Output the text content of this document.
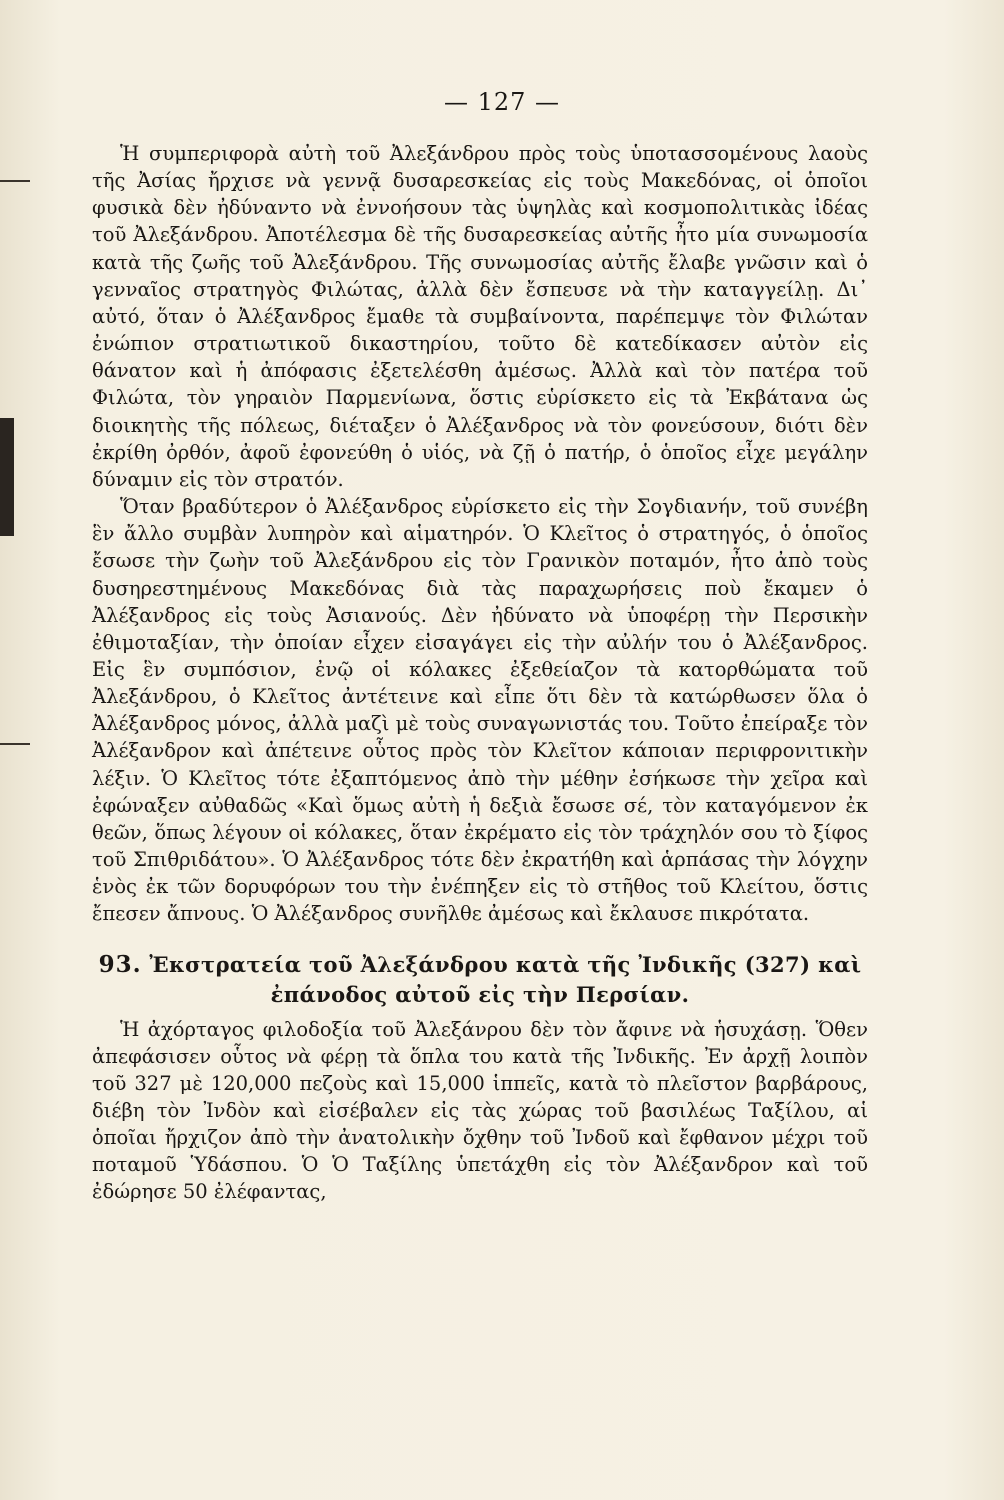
— 127 —

Ἡ συμπεριφορὰ αὐτὴ τοῦ Ἀλεξάνδρου πρὸς τοὺς ὑποτασσομένους λαοὺς τῆς Ἀσίας ἤρχισε νὰ γεννᾷ δυσαρεσκείας εἰς τοὺς Μακεδόνας, οἱ ὁποῖοι φυσικὰ δὲν ἠδύναντο νὰ ἐννοήσουν τὰς ὑψηλὰς καὶ κοσμοπολιτικὰς ἰδέας τοῦ Ἀλεξάνδρου. Ἀποτέλεσμα δὲ τῆς δυσαρεσκείας αὐτῆς ἦτο μία συνωμοσία κατὰ τῆς ζωῆς τοῦ Ἀλεξάνδρου. Τῆς συνωμοσίας αὐτῆς ἔλαβε γνῶσιν καὶ ὁ γενναῖος στρατηγὸς Φιλώτας, ἀλλὰ δὲν ἔσπευσε νὰ τὴν καταγγείλῃ. Δι᾽ αὐτό, ὅταν ὁ Ἀλέξανδρος ἔμαθε τὰ συμβαίνοντα, παρέπεμψε τὸν Φιλώταν ἐνώπιον στρατιωτικοῦ δικαστηρίου, τοῦτο δὲ κατεδίκασεν αὐτὸν εἰς θάνατον καὶ ἡ ἀπόφασις ἐξετελέσθη ἀμέσως. Ἀλλὰ καὶ τὸν πατέρα τοῦ Φιλώτα, τὸν γηραιὸν Παρμενίωνα, ὅστις εὑρίσκετο εἰς τὰ Ἐκβάτανα ὡς διοικητὴς τῆς πόλεως, διέταξεν ὁ Ἀλέξανδρος νὰ τὸν φονεύσουν, διότι δὲν ἐκρίθη ὀρθόν, ἀφοῦ ἐφονεύθη ὁ υἱός, νὰ ζῇ ὁ πατήρ, ὁ ὁποῖος εἶχε μεγάλην δύναμιν εἰς τὸν στρατόν.

Ὅταν βραδύτερον ὁ Ἀλέξανδρος εὑρίσκετο εἰς τὴν Σογδιανήν, τοῦ συνέβη ἓν ἄλλο συμβὰν λυπηρὸν καὶ αἱματηρόν. Ὁ Κλεῖτος ὁ στρατηγός, ὁ ὁποῖος ἔσωσε τὴν ζωὴν τοῦ Ἀλεξάνδρου εἰς τὸν Γρανικὸν ποταμόν, ἦτο ἀπὸ τοὺς δυσηρεστημένους Μακεδόνας διὰ τὰς παραχωρήσεις ποὺ ἔκαμεν ὁ Ἀλέξανδρος εἰς τοὺς Ἀσιανούς. Δὲν ἠδύνατο νὰ ὑποφέρῃ τὴν Περσικὴν ἐθιμοταξίαν, τὴν ὁποίαν εἶχεν εἰσαγάγει εἰς τὴν αὐλήν του ὁ Ἀλέξανδρος. Εἰς ἓν συμπόσιον, ἐνῷ οἱ κόλακες ἐξεθείαζον τὰ κατορθώματα τοῦ Ἀλεξάνδρου, ὁ Κλεῖτος ἀντέτεινε καὶ εἶπε ὅτι δὲν τὰ κατώρθωσεν ὅλα ὁ Ἀλέξανδρος μόνος, ἀλλὰ μαζὶ μὲ τοὺς συναγωνιστάς του. Τοῦτο ἐπείραξε τὸν Ἀλέξανδρον καὶ ἀπέτεινε οὗτος πρὸς τὸν Κλεῖτον κάποιαν περιφρονιτικὴν λέξιν. Ὁ Κλεῖτος τότε ἐξαπτόμενος ἀπὸ τὴν μέθην ἐσήκωσε τὴν χεῖρα καὶ ἐφώναξεν αὐθαδῶς «Καὶ ὅμως αὐτὴ ἡ δεξιὰ ἔσωσε σέ, τὸν καταγόμενον ἐκ θεῶν, ὅπως λέγουν οἱ κόλακες, ὅταν ἐκρέματο εἰς τὸν τράχηλόν σου τὸ ξίφος τοῦ Σπιθριδάτου». Ὁ Ἀλέξανδρος τότε δὲν ἐκρατήθη καὶ ἁρπάσας τὴν λόγχην ἑνὸς ἐκ τῶν δορυφόρων του τὴν ἐνέπηξεν εἰς τὸ στῆθος τοῦ Κλείτου, ὅστις ἔπεσεν ἄπνους. Ὁ Ἀλέξανδρος συνῆλθε ἀμέσως καὶ ἔκλαυσε πικρότατα.

93. Ἐκστρατεία τοῦ Ἀλεξάνδρου κατὰ τῆς Ἰνδικῆς (327) καὶ ἐπάνοδος αὐτοῦ εἰς τὴν Περσίαν.

Ἡ ἀχόρταγος φιλοδοξία τοῦ Ἀλεξάνρου δὲν τὸν ἄφινε νὰ ἡσυχάσῃ. Ὅθεν ἀπεφάσισεν οὗτος νὰ φέρῃ τὰ ὅπλα του κατὰ τῆς Ἰνδικῆς. Ἐν ἀρχῇ λοιπὸν τοῦ 327 μὲ 120,000 πεζοὺς καὶ 15,000 ἱππεῖς, κατὰ τὸ πλεῖστον βαρβάρους, διέβη τὸν Ἰνδὸν καὶ εἰσέβαλεν εἰς τὰς χώρας τοῦ βασιλέως Ταξίλου, αἱ ὁποῖαι ἤρχιζον ἀπὸ τὴν ἀνατολικὴν ὄχθην τοῦ Ἰνδοῦ καὶ ἔφθανον μέχρι τοῦ ποταμοῦ Ὑδάσπου. Ὁ Ὁ Ταξίλης ὑπετάχθη εἰς τὸν Ἀλέξανδρον καὶ τοῦ ἐδώρησε 50 ἐλέφαντας,
